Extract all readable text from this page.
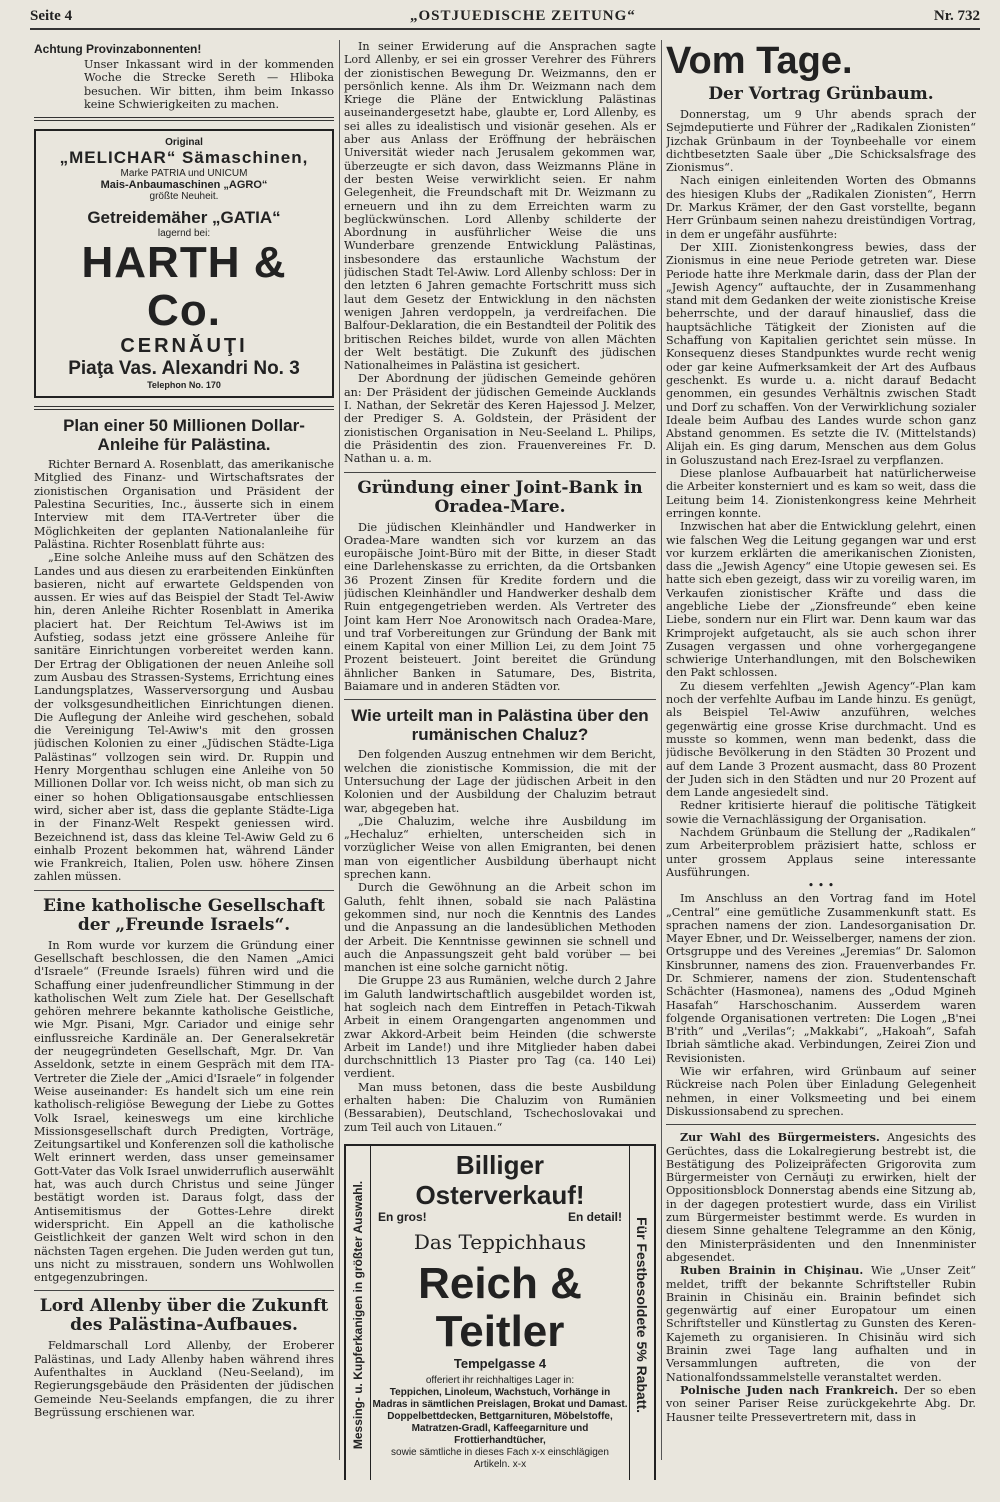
Seite 4	„OSTJUEDISCHE ZEITUNG“	Nr. 732
Achtung Provinzabonnenten!

Unser Inkassant wird in der kommenden Woche die Strecke Sereth — Hliboka besuchen. Wir bitten, ihm beim Inkasso keine Schwierigkeiten zu machen.

Original
„MELICHAR“ Sämaschinen,
Marke PATRIA und UNICUM
Mais-Anbaumaschinen „AGRO“
größte Neuheit.
Getreidemäher „GATIA“
lagernd bei:
HARTH & Co.
CERNĂUŢI
Piaţa Vas. Alexandri No. 3
Telephon No. 170
Plan einer 50 Millionen Dollar-Anleihe für Palästina.

Richter Bernard A. Rosenblatt, das amerikanische Mitglied des Finanz- und Wirtschaftsrates der zionistischen Organisation und Präsident der Palestina Securities, Inc., äusserte sich in einem Interview mit dem ITA-Vertreter über die Möglichkeiten der geplanten Nationalanleihe für Palästina. Richter Rosenblatt führte aus:

„Eine solche Anleihe muss auf den Schätzen des Landes und aus diesen zu erarbeitenden Einkünften basieren, nicht auf erwartete Geldspenden von aussen. Er wies auf das Beispiel der Stadt Tel-Awiw hin, deren Anleihe Richter Rosenblatt in Amerika placiert hat. Der Reichtum Tel-Awiws ist im Aufstieg, sodass jetzt eine grössere Anleihe für sanitäre Einrichtungen vorbereitet werden kann. Der Ertrag der Obligationen der neuen Anleihe soll zum Ausbau des Strassen-Systems, Errichtung eines Landungsplatzes, Wasserversorgung und Ausbau der volksgesundheitlichen Einrichtungen dienen. Die Auflegung der Anleihe wird geschehen, sobald die Vereinigung Tel-Awiw's mit den grossen jüdischen Kolonien zu einer „Jüdischen Städte-Liga Palästinas“ vollzogen sein wird. Dr. Ruppin und Henry Morgenthau schlugen eine Anleihe von 50 Millionen Dollar vor. Ich weiss nicht, ob man sich zu einer so hohen Obligationsausgabe entschliessen wird, sicher aber ist, dass die geplante Städte-Liga in der Finanz-Welt Respekt geniessen wird. Bezeichnend ist, dass das kleine Tel-Awiw Geld zu 6 einhalb Prozent bekommen hat, während Länder wie Frankreich, Italien, Polen usw. höhere Zinsen zahlen müssen.

Eine katholische Gesellschaft der „Freunde Israels“.

In Rom wurde vor kurzem die Gründung einer Gesellschaft beschlossen, die den Namen „Amici d'Israele“ (Freunde Israels) führen wird und die Schaffung einer judenfreundlicher Stimmung in der katholischen Welt zum Ziele hat. Der Gesellschaft gehören mehrere bekannte katholische Geistliche, wie Mgr. Pisani, Mgr. Cariador und einige sehr einflussreiche Kardinäle an. Der Generalsekretär der neugegründeten Gesellschaft, Mgr. Dr. Van Asseldonk, setzte in einem Gespräch mit dem ITA-Vertreter die Ziele der „Amici d'Israele“ in folgender Weise auseinander: Es handelt sich um eine rein katholisch-religiöse Bewegung der Liebe zu Gottes Volk Israel, keineswegs um eine kirchliche Missionsgesellschaft durch Predigten, Vorträge, Zeitungsartikel und Konferenzen soll die katholische Welt erinnert werden, dass unser gemeinsamer Gott-Vater das Volk Israel unwiderruflich auserwählt hat, was auch durch Christus und seine Jünger bestätigt worden ist. Daraus folgt, dass der Antisemitismus der Gottes-Lehre direkt widerspricht. Ein Appell an die katholische Geistlichkeit der ganzen Welt wird schon in den nächsten Tagen ergehen. Die Juden werden gut tun, uns nicht zu misstrauen, sondern uns Wohlwollen entgegenzubringen.

Lord Allenby über die Zukunft des Palästina-Aufbaues.

Feldmarschall Lord Allenby, der Eroberer Palästinas, und Lady Allenby haben während ihres Aufenthaltes in Auckland (Neu-Seeland), im Regierungsgebäude den Präsidenten der jüdischen Gemeinde Neu-Seelands empfangen, die zu ihrer Begrüssung erschienen war.

In seiner Erwiderung auf die Ansprachen sagte Lord Allenby, er sei ein grosser Verehrer des Führers der zionistischen Bewegung Dr. Weizmanns, den er persönlich kenne. Als ihm Dr. Weizmann nach dem Kriege die Pläne der Entwicklung Palästinas auseinandergesetzt habe, glaubte er, Lord Allenby, es sei alles zu idealistisch und visionär gesehen. Als er aber aus Anlass der Eröffnung der hebräischen Universität wieder nach Jerusalem gekommen war, überzeugte er sich davon, dass Weizmanns Pläne in der besten Weise verwirklicht seien. Er nahm Gelegenheit, die Freundschaft mit Dr. Weizmann zu erneuern und ihn zu dem Erreichten warm zu beglückwünschen. Lord Allenby schilderte der Abordnung in ausführlicher Weise die uns Wunderbare grenzende Entwicklung Palästinas, insbesondere das erstaunliche Wachstum der jüdischen Stadt Tel-Awiw. Lord Allenby schloss: Der in den letzten 6 Jahren gemachte Fortschritt muss sich laut dem Gesetz der Entwicklung in den nächsten wenigen Jahren verdoppeln, ja verdreifachen. Die Balfour-Deklaration, die ein Bestandteil der Politik des britischen Reiches bildet, wurde von allen Mächten der Welt bestätigt. Die Zukunft des jüdischen Nationalheimes in Palästina ist gesichert.

Der Abordnung der jüdischen Gemeinde gehören an: Der Präsident der jüdischen Gemeinde Aucklands I. Nathan, der Sekretär des Keren Hajessod J. Melzer, der Prediger S. A. Goldstein, der Präsident der zionistischen Organisation in Neu-Seeland L. Philips, die Präsidentin des zion. Frauenvereines Fr. D. Nathan u. a. m.

Gründung einer Joint-Bank in Oradea-Mare.

Die jüdischen Kleinhändler und Handwerker in Oradea-Mare wandten sich vor kurzem an das europäische Joint-Büro mit der Bitte, in dieser Stadt eine Darlehenskasse zu errichten, da die Ortsbanken 36 Prozent Zinsen für Kredite fordern und die jüdischen Kleinhändler und Handwerker deshalb dem Ruin entgegengetrieben werden. Als Vertreter des Joint kam Herr Noe Aronowitsch nach Oradea-Mare, und traf Vorbereitungen zur Gründung der Bank mit einem Kapital von einer Million Lei, zu dem Joint 75 Prozent beisteuert. Joint bereitet die Gründung ähnlicher Banken in Satumare, Des, Bistrita, Baiamare und in anderen Städten vor.

Wie urteilt man in Palästina über den rumänischen Chaluz?

Den folgenden Auszug entnehmen wir dem Bericht, welchen die zionistische Kommission, die mit der Untersuchung der Lage der jüdischen Arbeit in den Kolonien und der Ausbildung der Chaluzim betraut war, abgegeben hat.

„Die Chaluzim, welche ihre Ausbildung im „Hechaluz“ erhielten, unterscheiden sich in vorzüglicher Weise von allen Emigranten, bei denen man von eigentlicher Ausbildung überhaupt nicht sprechen kann.

Durch die Gewöhnung an die Arbeit schon im Galuth, fehlt ihnen, sobald sie nach Palästina gekommen sind, nur noch die Kenntnis des Landes und die Anpassung an die landesüblichen Methoden der Arbeit. Die Kenntnisse gewinnen sie schnell und auch die Anpassungszeit geht bald vorüber — bei manchen ist eine solche garnicht nötig.

Die Gruppe 23 aus Rumänien, welche durch 2 Jahre im Galuth landwirtschaftlich ausgebildet worden ist, hat sogleich nach dem Eintreffen in Petach-Tikwah Arbeit in einem Orangengarten angenommen und zwar Akkord-Arbeit beim Heinden (die schwerste Arbeit im Lande!) und ihre Mitglieder haben dabei durchschnittlich 13 Piaster pro Tag (ca. 140 Lei) verdient.

Man muss betonen, dass die beste Ausbildung erhalten haben: Die Chaluzim von Rumänien (Bessarabien), Deutschland, Tschechoslovakai und zum Teil auch von Litauen.“

Messing- u. Kupferkanigen in größter Auswahl.	Für Festbesoldete 5% Rabatt.
Billiger Osterverkauf!
En gros!	En detail!
Das Teppichhaus
Reich & Teitler
Tempelgasse 4
offeriert ihr reichhaltiges Lager in:
Teppichen, Linoleum, Wachstuch, Vorhänge in Madras in sämtlichen Preislagen, Brokat und Damast. Doppelbettdecken, Bettgarnituren, Möbelstoffe, Matratzen-Gradl, Kaffeegarniture und Frottierhandtücher,
sowie sämtliche in dieses Fach x-x einschlägigen Artikeln. x-x
Vom Tage.
Der Vortrag Grünbaum.

Donnerstag, um 9 Uhr abends sprach der Sejmdeputierte und Führer der „Radikalen Zionisten“ Jizchak Grünbaum in der Toynbeehalle vor einem dichtbesetzten Saale über „Die Schicksalsfrage des Zionismus“.

Nach einigen einleitenden Worten des Obmanns des hiesigen Klubs der „Radikalen Zionisten“, Herrn Dr. Markus Krämer, der den Gast vorstellte, begann Herr Grünbaum seinen nahezu dreistündigen Vortrag, in dem er ungefähr ausführte:

Der XIII. Zionistenkongress bewies, dass der Zionismus in eine neue Periode getreten war. Diese Periode hatte ihre Merkmale darin, dass der Plan der „Jewish Agency“ auftauchte, der in Zusammenhang stand mit dem Gedanken der weite zionistische Kreise beherrschte, und der darauf hinauslief, dass die hauptsächliche Tätigkeit der Zionisten auf die Schaffung von Kapitalien gerichtet sein müsse. In Konsequenz dieses Standpunktes wurde recht wenig oder gar keine Aufmerksamkeit der Art des Aufbaus geschenkt. Es wurde u. a. nicht darauf Bedacht genommen, ein gesundes Verhältnis zwischen Stadt und Dorf zu schaffen. Von der Verwirklichung sozialer Ideale beim Aufbau des Landes wurde schon ganz Abstand genommen. Es setzte die IV. (Mittelstands) Alijah ein. Es ging darum, Menschen aus dem Golus in Goluszustand nach Erez-Israel zu verpflanzen.

Diese planlose Aufbauarbeit hat natürlicherweise die Arbeiter konsterniert und es kam so weit, dass die Leitung beim 14. Zionistenkongress keine Mehrheit erringen konnte.

Inzwischen hat aber die Entwicklung gelehrt, einen wie falschen Weg die Leitung gegangen war und erst vor kurzem erklärten die amerikanischen Zionisten, dass die „Jewish Agency“ eine Utopie gewesen sei. Es hatte sich eben gezeigt, dass wir zu voreilig waren, im Verkaufen zionistischer Kräfte und dass die angebliche Liebe der „Zionsfreunde“ eben keine Liebe, sondern nur ein Flirt war. Denn kaum war das Krimprojekt aufgetaucht, als sie auch schon ihrer Zusagen vergassen und ohne vorhergegangene schwierige Unterhandlungen, mit den Bolschewiken den Pakt schlossen.

Zu diesem verfehlten „Jewish Agency“-Plan kam noch der verfehlte Aufbau im Lande hinzu. Es genügt, als Beispiel Tel-Awiw anzuführen, welches gegenwärtig eine grosse Krise durchmacht. Und es musste so kommen, wenn man bedenkt, dass die jüdische Bevölkerung in den Städten 30 Prozent und auf dem Lande 3 Prozent ausmacht, dass 80 Prozent der Juden sich in den Städten und nur 20 Prozent auf dem Lande angesiedelt sind.

Redner kritisierte hierauf die politische Tätigkeit sowie die Vernachlässigung der Organisation.

Nachdem Grünbaum die Stellung der „Radikalen“ zum Arbeiterproblem präzisiert hatte, schloss er unter grossem Applaus seine interessante Ausführungen.

• • •

Im Anschluss an den Vortrag fand im Hotel „Central“ eine gemütliche Zusammenkunft statt. Es sprachen namens der zion. Landesorganisation Dr. Mayer Ebner, und Dr. Weisselberger, namens der zion. Ortsgruppe und des Vereines „Jeremias“ Dr. Salomon Kinsbrunner, namens des zion. Frauenverbandes Fr. Dr. Schmierer, namens der zion. Studentenschaft Schächter (Hasmonea), namens des „Odud Mgineh Hasafah“ Harschoschanim. Ausserdem waren folgende Organisationen vertreten: Die Logen „B'nei B'rith“ und „Verilas“; „Makkabi“, „Hakoah“, Safah Ibriah sämtliche akad. Verbindungen, Zeirei Zion und Revisionisten.

Wie wir erfahren, wird Grünbaum auf seiner Rückreise nach Polen über Einladung Gelegenheit nehmen, in einer Volksmeeting und bei einem Diskussionsabend zu sprechen.

Zur Wahl des Bürgermeisters. Angesichts des Gerüchtes, dass die Lokalregierung bestrebt ist, die Bestätigung des Polizeipräfecten Grigorovita zum Bürgermeister von Cernăuţi zu erwirken, hielt der Oppositionsblock Donnerstag abends eine Sitzung ab, in der dagegen protestiert wurde, dass ein Virilist zum Bürgermeister bestimmt werde. Es wurden in diesem Sinne gehaltene Telegramme an den König, den Ministerpräsidenten und den Innenminister abgesendet.

Ruben Brainin in Chişinau. Wie „Unser Zeit“ meldet, trifft der bekannte Schriftsteller Rubin Brainin in Chisinău ein. Brainin befindet sich gegenwärtig auf einer Europatour um einen Schriftsteller und Künstlertag zu Gunsten des Keren-Kajemeth zu organisieren. In Chisinău wird sich Brainin zwei Tage lang aufhalten und in Versammlungen auftreten, die von der Nationalfondssammelstelle veranstaltet werden.

Polnische Juden nach Frankreich. Der so eben von seiner Pariser Reise zurückgekehrte Abg. Dr. Hausner teilte Pressevertretern mit, dass in
